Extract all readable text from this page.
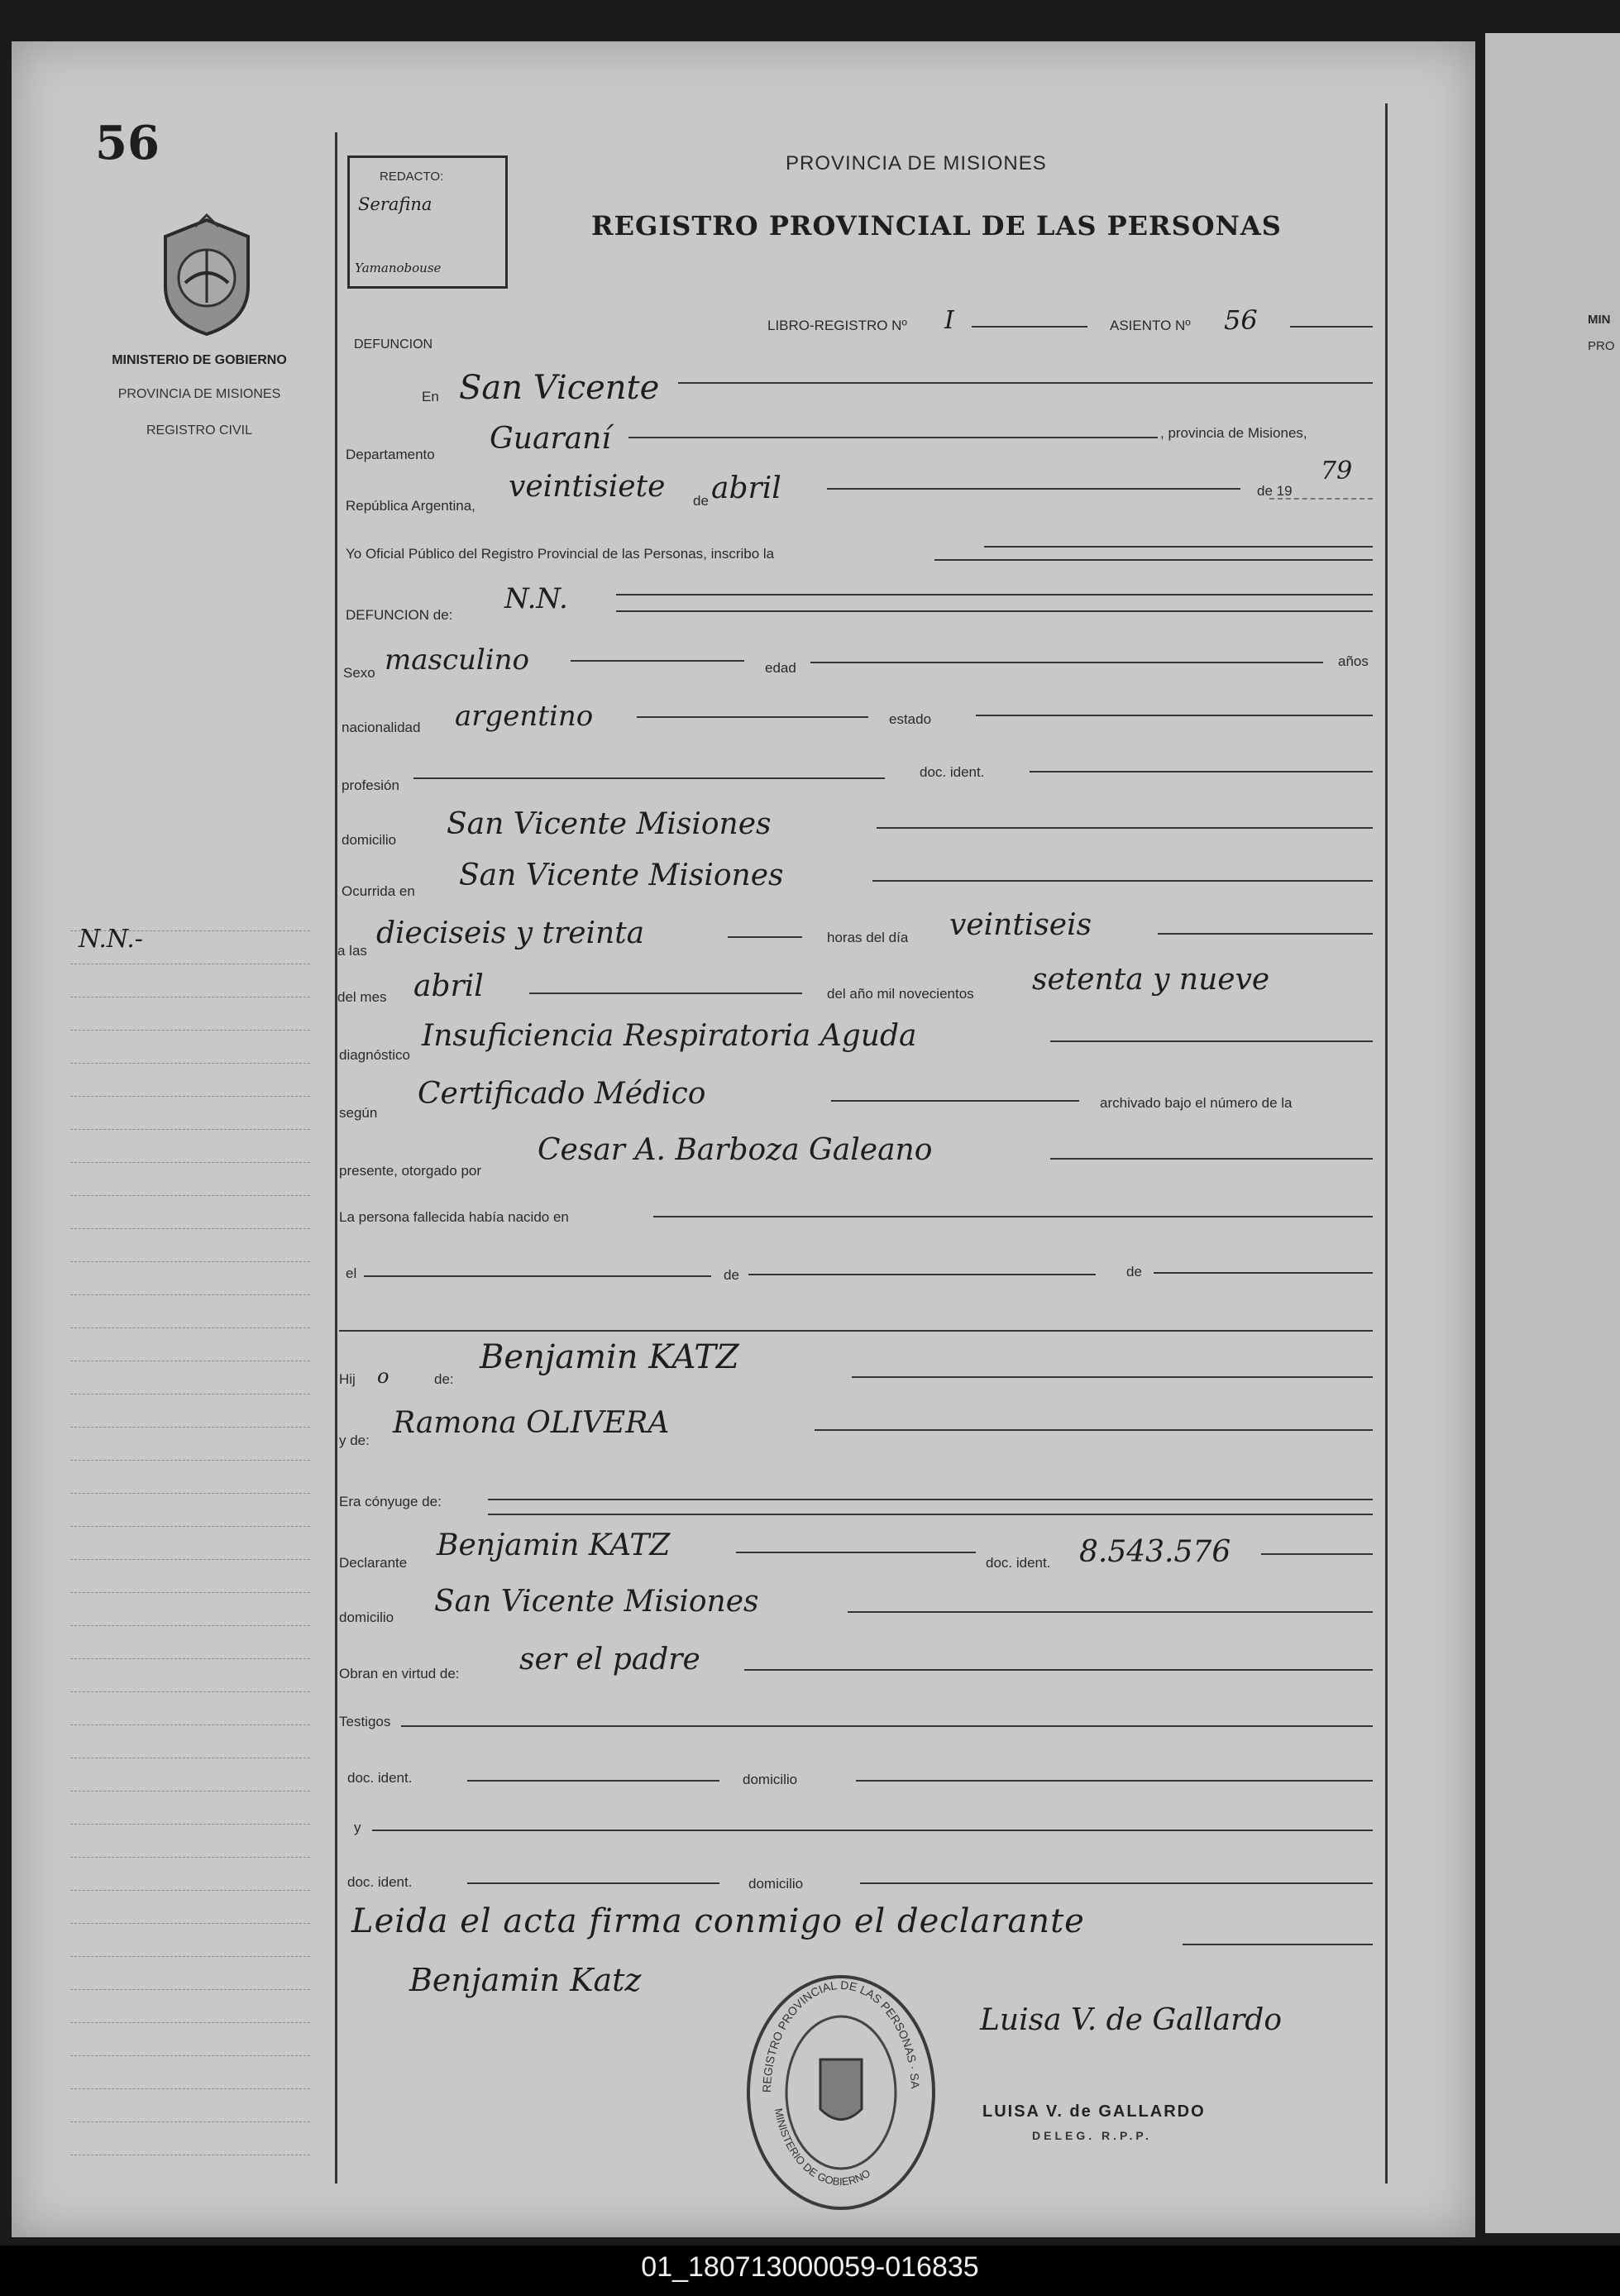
MIN
PRO
01_180713000059-016835
56
REDACTO:
Serafina
Yamanobouse
MINISTERIO DE GOBIERNO
PROVINCIA DE MISIONES
REGISTRO CIVIL
N.N.-
PROVINCIA DE MISIONES
REGISTRO PROVINCIAL DE LAS PERSONAS
LIBRO-REGISTRO Nº I	ASIENTO Nº 56
DEFUNCION
En San Vicente
Departamento Guaraní	, provincia de Misiones,
República Argentina,
veintisiete de abril	de 19
79
Yo Oficial Público del Registro Provincial de las Personas, inscribo la
DEFUNCION de: N.N.
Sexo masculino	edad	años
nacionalidad argentino	estado
profesión
doc. ident.
domicilio San Vicente Misiones
Ocurrida en San Vicente Misiones
a las
dieciseis y treinta	horas del día veintiseis
del mes abril	del año mil novecientos setenta y nueve
diagnóstico
Insuficiencia Respiratoria Aguda
según
Certificado Médico	archivado bajo el número de la
presente, otorgado por
Cesar A. Barboza Galeano
La persona fallecida había nacido en
el	de	de
Hij o	de:
Benjamin KATZ
y de:
Ramona OLIVERA
Era cónyuge de:
Declarante
Benjamin KATZ
doc. ident. 8.543.576
domicilio San Vicente Misiones
Obran en virtud de: ser el padre
Testigos
doc. ident.	domicilio
y
doc. ident.	domicilio
Leida el acta firma conmigo el declarante
Benjamin Katz
Luisa V. de Gallardo
LUISA V. de GALLARDO
DELEG. R.P.P.
REGISTRO PROVINCIAL DE LAS PERSONAS · SA
MINISTERIO DE GOBIERNO
